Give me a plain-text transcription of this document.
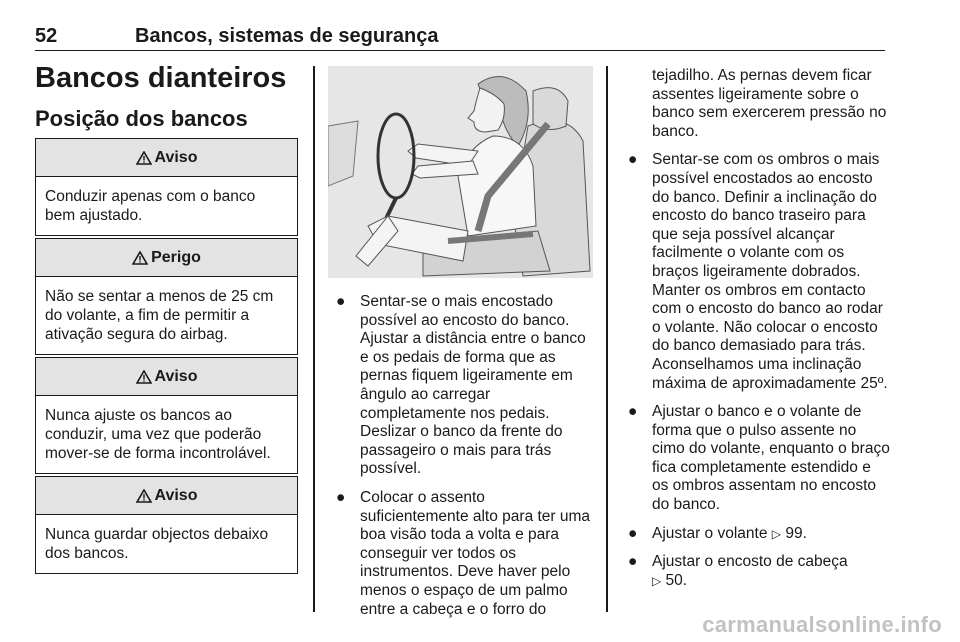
52	Bancos, sistemas de segurança
Bancos dianteiros
Posição dos bancos
Aviso
Conduzir apenas com o banco bem ajustado.
Perigo
Não se sentar a menos de 25 cm do volante, a fim de permitir a ativação segura do airbag.
Aviso
Nunca ajuste os bancos ao conduzir, uma vez que poderão mover-se de forma incontrolável.
Aviso
Nunca guardar objectos debaixo dos bancos.
● Sentar-se o mais encostado possível ao encosto do banco. Ajustar a distância entre o banco e os pedais de forma que as pernas fiquem ligeiramente em ângulo ao carregar completamente nos pedais. Deslizar o banco da frente do passageiro o mais para trás possível.
● Colocar o assento suficientemente alto para ter uma boa visão toda a volta e para conseguir ver todos os instrumentos. Deve haver pelo menos o espaço de um palmo entre a cabeça e o forro do
tejadilho. As pernas devem ficar assentes ligeiramente sobre o banco sem exercerem pressão no banco.
● Sentar-se com os ombros o mais possível encostados ao encosto do banco. Definir a inclinação do encosto do banco traseiro para que seja possível alcançar facilmente o volante com os braços ligeiramente dobrados. Manter os ombros em contacto com o encosto do banco ao rodar o volante. Não colocar o encosto do banco demasiado para trás. Aconselhamos uma inclinação máxima de aproximadamente 25º.
● Ajustar o banco e o volante de forma que o pulso assente no cimo do volante, enquanto o braço fica completamente estendido e os ombros assentam no encosto do banco.
● Ajustar o volante ▷ 99.
● Ajustar o encosto de cabeça
▷ 50.
carmanualsonline.info
